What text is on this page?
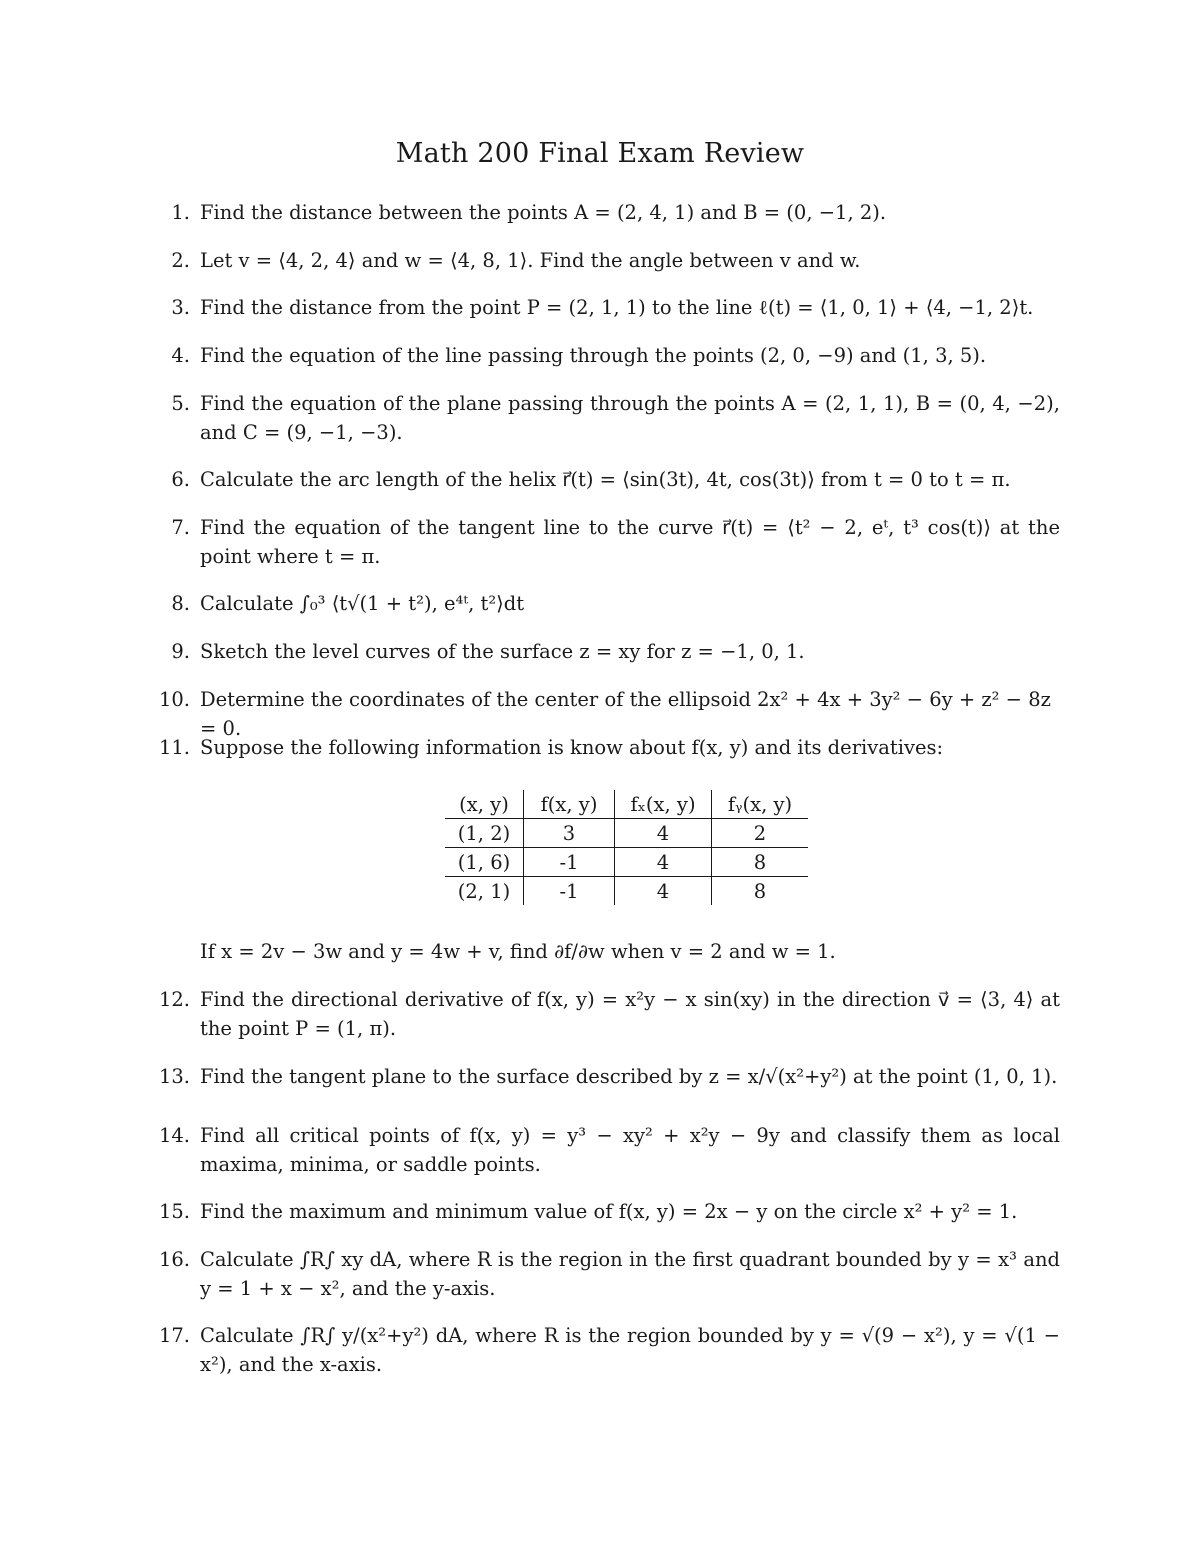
Math 200 Final Exam Review
1. Find the distance between the points A = (2, 4, 1) and B = (0, −1, 2).
2. Let v = ⟨4, 2, 4⟩ and w = ⟨4, 8, 1⟩. Find the angle between v and w.
3. Find the distance from the point P = (2, 1, 1) to the line ℓ(t) = ⟨1, 0, 1⟩ + ⟨4, −1, 2⟩t.
4. Find the equation of the line passing through the points (2, 0, −9) and (1, 3, 5).
5. Find the equation of the plane passing through the points A = (2, 1, 1), B = (0, 4, −2), and C = (9, −1, −3).
6. Calculate the arc length of the helix r⃗(t) = ⟨sin(3t), 4t, cos(3t)⟩ from t = 0 to t = π.
7. Find the equation of the tangent line to the curve r⃗(t) = ⟨t² − 2, eᵗ, t³ cos(t)⟩ at the point where t = π.
8. Calculate ∫₀³ ⟨t√(1 + t²), e⁴ᵗ, t²⟩dt
9. Sketch the level curves of the surface z = xy for z = −1, 0, 1.
10. Determine the coordinates of the center of the ellipsoid 2x² + 4x + 3y² − 6y + z² − 8z = 0.
11. Suppose the following information is know about f(x, y) and its derivatives:
(x, y)	f(x, y)	fₓ(x, y)	fᵧ(x, y)
(1, 2)	3	4	2
(1, 6)	-1	4	8
(2, 1)	-1	4	8
If x = 2v − 3w and y = 4w + v, find ∂f/∂w when v = 2 and w = 1.
12. Find the directional derivative of f(x, y) = x²y − x sin(xy) in the direction v⃗ = ⟨3, 4⟩ at the point P = (1, π).
13. Find the tangent plane to the surface described by z = x/√(x²+y²) at the point (1, 0, 1).
14. Find all critical points of f(x, y) = y³ − xy² + x²y − 9y and classify them as local maxima, minima, or saddle points.
15. Find the maximum and minimum value of f(x, y) = 2x − y on the circle x² + y² = 1.
16. Calculate ∫R∫ xy dA, where R is the region in the first quadrant bounded by y = x³ and y = 1 + x − x², and the y-axis.
17. Calculate ∫R∫ y/(x²+y²) dA, where R is the region bounded by y = √(9 − x²), y = √(1 − x²), and the x-axis.
